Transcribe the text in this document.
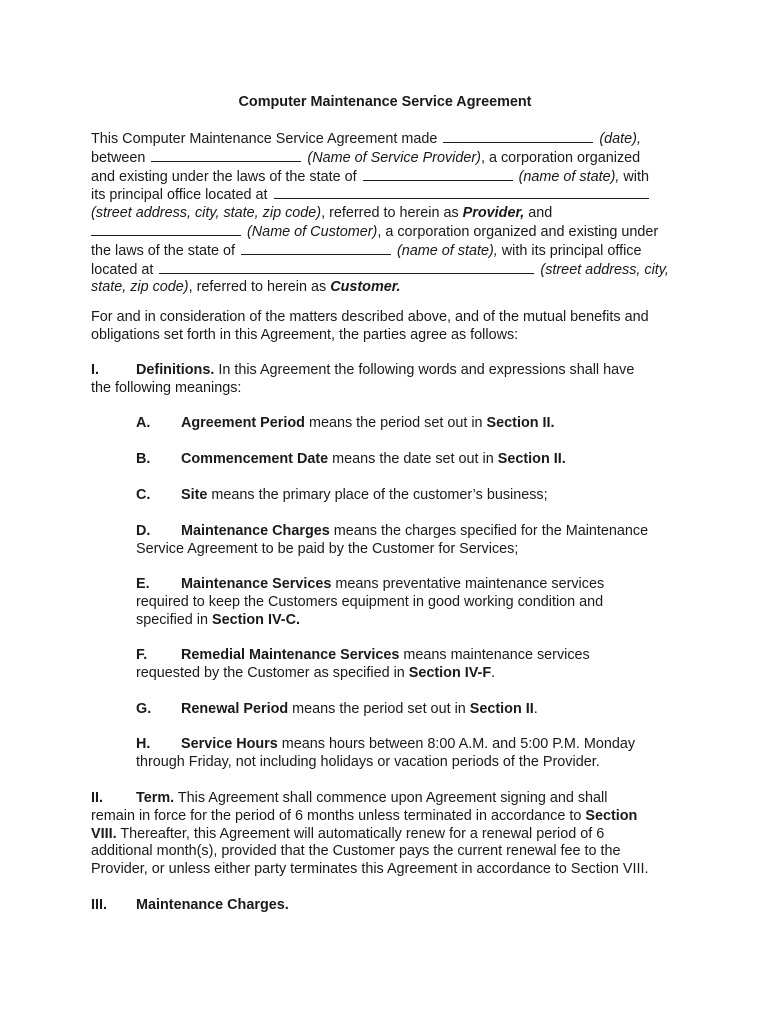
Computer Maintenance Service Agreement

This Computer Maintenance Service Agreement made	(date),
between	(Name of Service Provider), a corporation organized
and existing under the laws of the state of	(name of state), with
its principal office located at
(street address, city, state, zip code), referred to herein as Provider, and
(Name of Customer), a corporation organized and existing under
the laws of the state of	(name of state), with its principal office
located at	(street address, city,
state, zip code), referred to herein as Customer.

For and in consideration of the matters described above, and of the mutual benefits and
obligations set forth in this Agreement, the parties agree as follows:

I.	Definitions. In this Agreement the following words and expressions shall have
the following meanings:

A. Agreement Period means the period set out in Section II.

B. Commencement Date means the date set out in Section II.

C. Site means the primary place of the customer’s business;

D. Maintenance Charges means the charges specified for the Maintenance
Service Agreement to be paid by the Customer for Services;

E. Maintenance Services means preventative maintenance services
required to keep the Customers equipment in good working condition and
specified in Section IV-C.

F. Remedial Maintenance Services means maintenance services
requested by the Customer as specified in Section IV-F.

G. Renewal Period means the period set out in Section II.

H. Service Hours means hours between 8:00 A.M. and 5:00 P.M. Monday
through Friday, not including holidays or vacation periods of the Provider.

II. Term. This Agreement shall commence upon Agreement signing and shall
remain in force for the period of 6 months unless terminated in accordance to Section
VIII. Thereafter, this Agreement will automatically renew for a renewal period of 6
additional month(s), provided that the Customer pays the current renewal fee to the
Provider, or unless either party terminates this Agreement in accordance to Section VIII.

III. Maintenance Charges.
